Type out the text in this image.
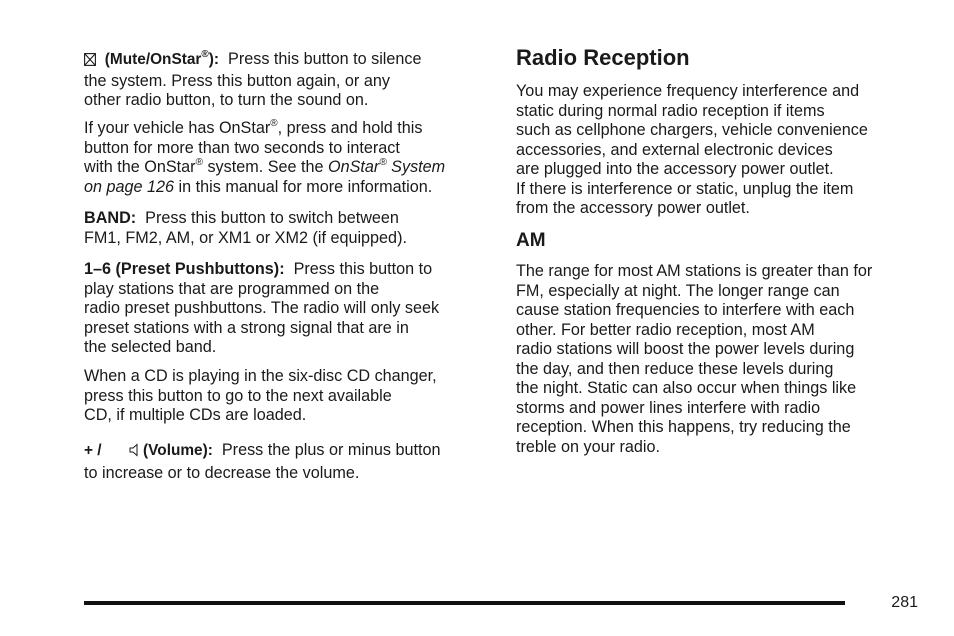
(Mute/OnStar®): Press this button to silence
the system. Press this button again, or any
other radio button, to turn the sound on.

If your vehicle has OnStar®, press and hold this
button for more than two seconds to interact
with the OnStar® system. See the OnStar® System
on page 126 in this manual for more information.

BAND: Press this button to switch between
FM1, FM2, AM, or XM1 or XM2 (if equipped).

1–6 (Preset Pushbuttons): Press this button to
play stations that are programmed on the
radio preset pushbuttons. The radio will only seek
preset stations with a strong signal that are in
the selected band.

When a CD is playing in the six-disc CD changer,
press this button to go to the next available
CD, if multiple CDs are loaded.

+ /	(Volume): Press the plus or minus button
to increase or to decrease the volume.

Radio Reception

You may experience frequency interference and
static during normal radio reception if items
such as cellphone chargers, vehicle convenience
accessories, and external electronic devices
are plugged into the accessory power outlet.
If there is interference or static, unplug the item
from the accessory power outlet.

AM

The range for most AM stations is greater than for
FM, especially at night. The longer range can
cause station frequencies to interfere with each
other. For better radio reception, most AM
radio stations will boost the power levels during
the day, and then reduce these levels during
the night. Static can also occur when things like
storms and power lines interfere with radio
reception. When this happens, try reducing the
treble on your radio.

281
